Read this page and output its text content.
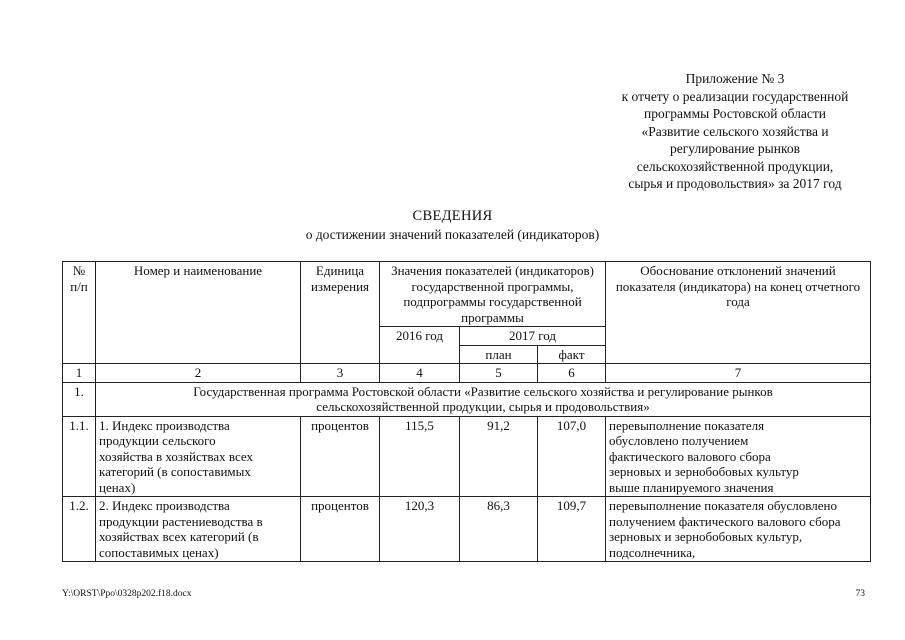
Приложение № 3
к отчету о реализации государственной
программы Ростовской области
«Развитие сельского хозяйства и
регулирование рынков
сельскохозяйственной продукции,
сырья и продовольствия» за 2017 год
СВЕДЕНИЯ
о достижении значений показателей (индикаторов)
№ п/п	Номер и наименование	Единица измерения	Значения показателей (индикаторов) государственной программы, подпрограммы государственной программы			Обоснование отклонений значений показателя (индикатора) на конец отчетного года
			2016 год	2017 год		
				план	факт	
1	2	3	4	5	6	7
1.	Государственная программа Ростовской области «Развитие сельского хозяйства и регулирование рынков сельскохозяйственной продукции, сырья и продовольствия»					
1.1.	1. Индекс производства продукции сельского хозяйства в хозяйствах всех категорий (в сопоставимых ценах)	процентов	115,5	91,2	107,0	перевыполнение показателя обусловлено получением фактического валового сбора зерновых и зернобобовых культур выше планируемого значения

1.2.	2. Индекс производства продукции растениеводства в хозяйствах всех категорий (в сопоставимых ценах)	процентов	120,3	86,3	109,7	перевыполнение показателя обусловлено получением фактического валового сбора зерновых и зернобобовых культур, подсолнечника,
Y:\ORST\Ppo\0328p202.f18.docx	73
